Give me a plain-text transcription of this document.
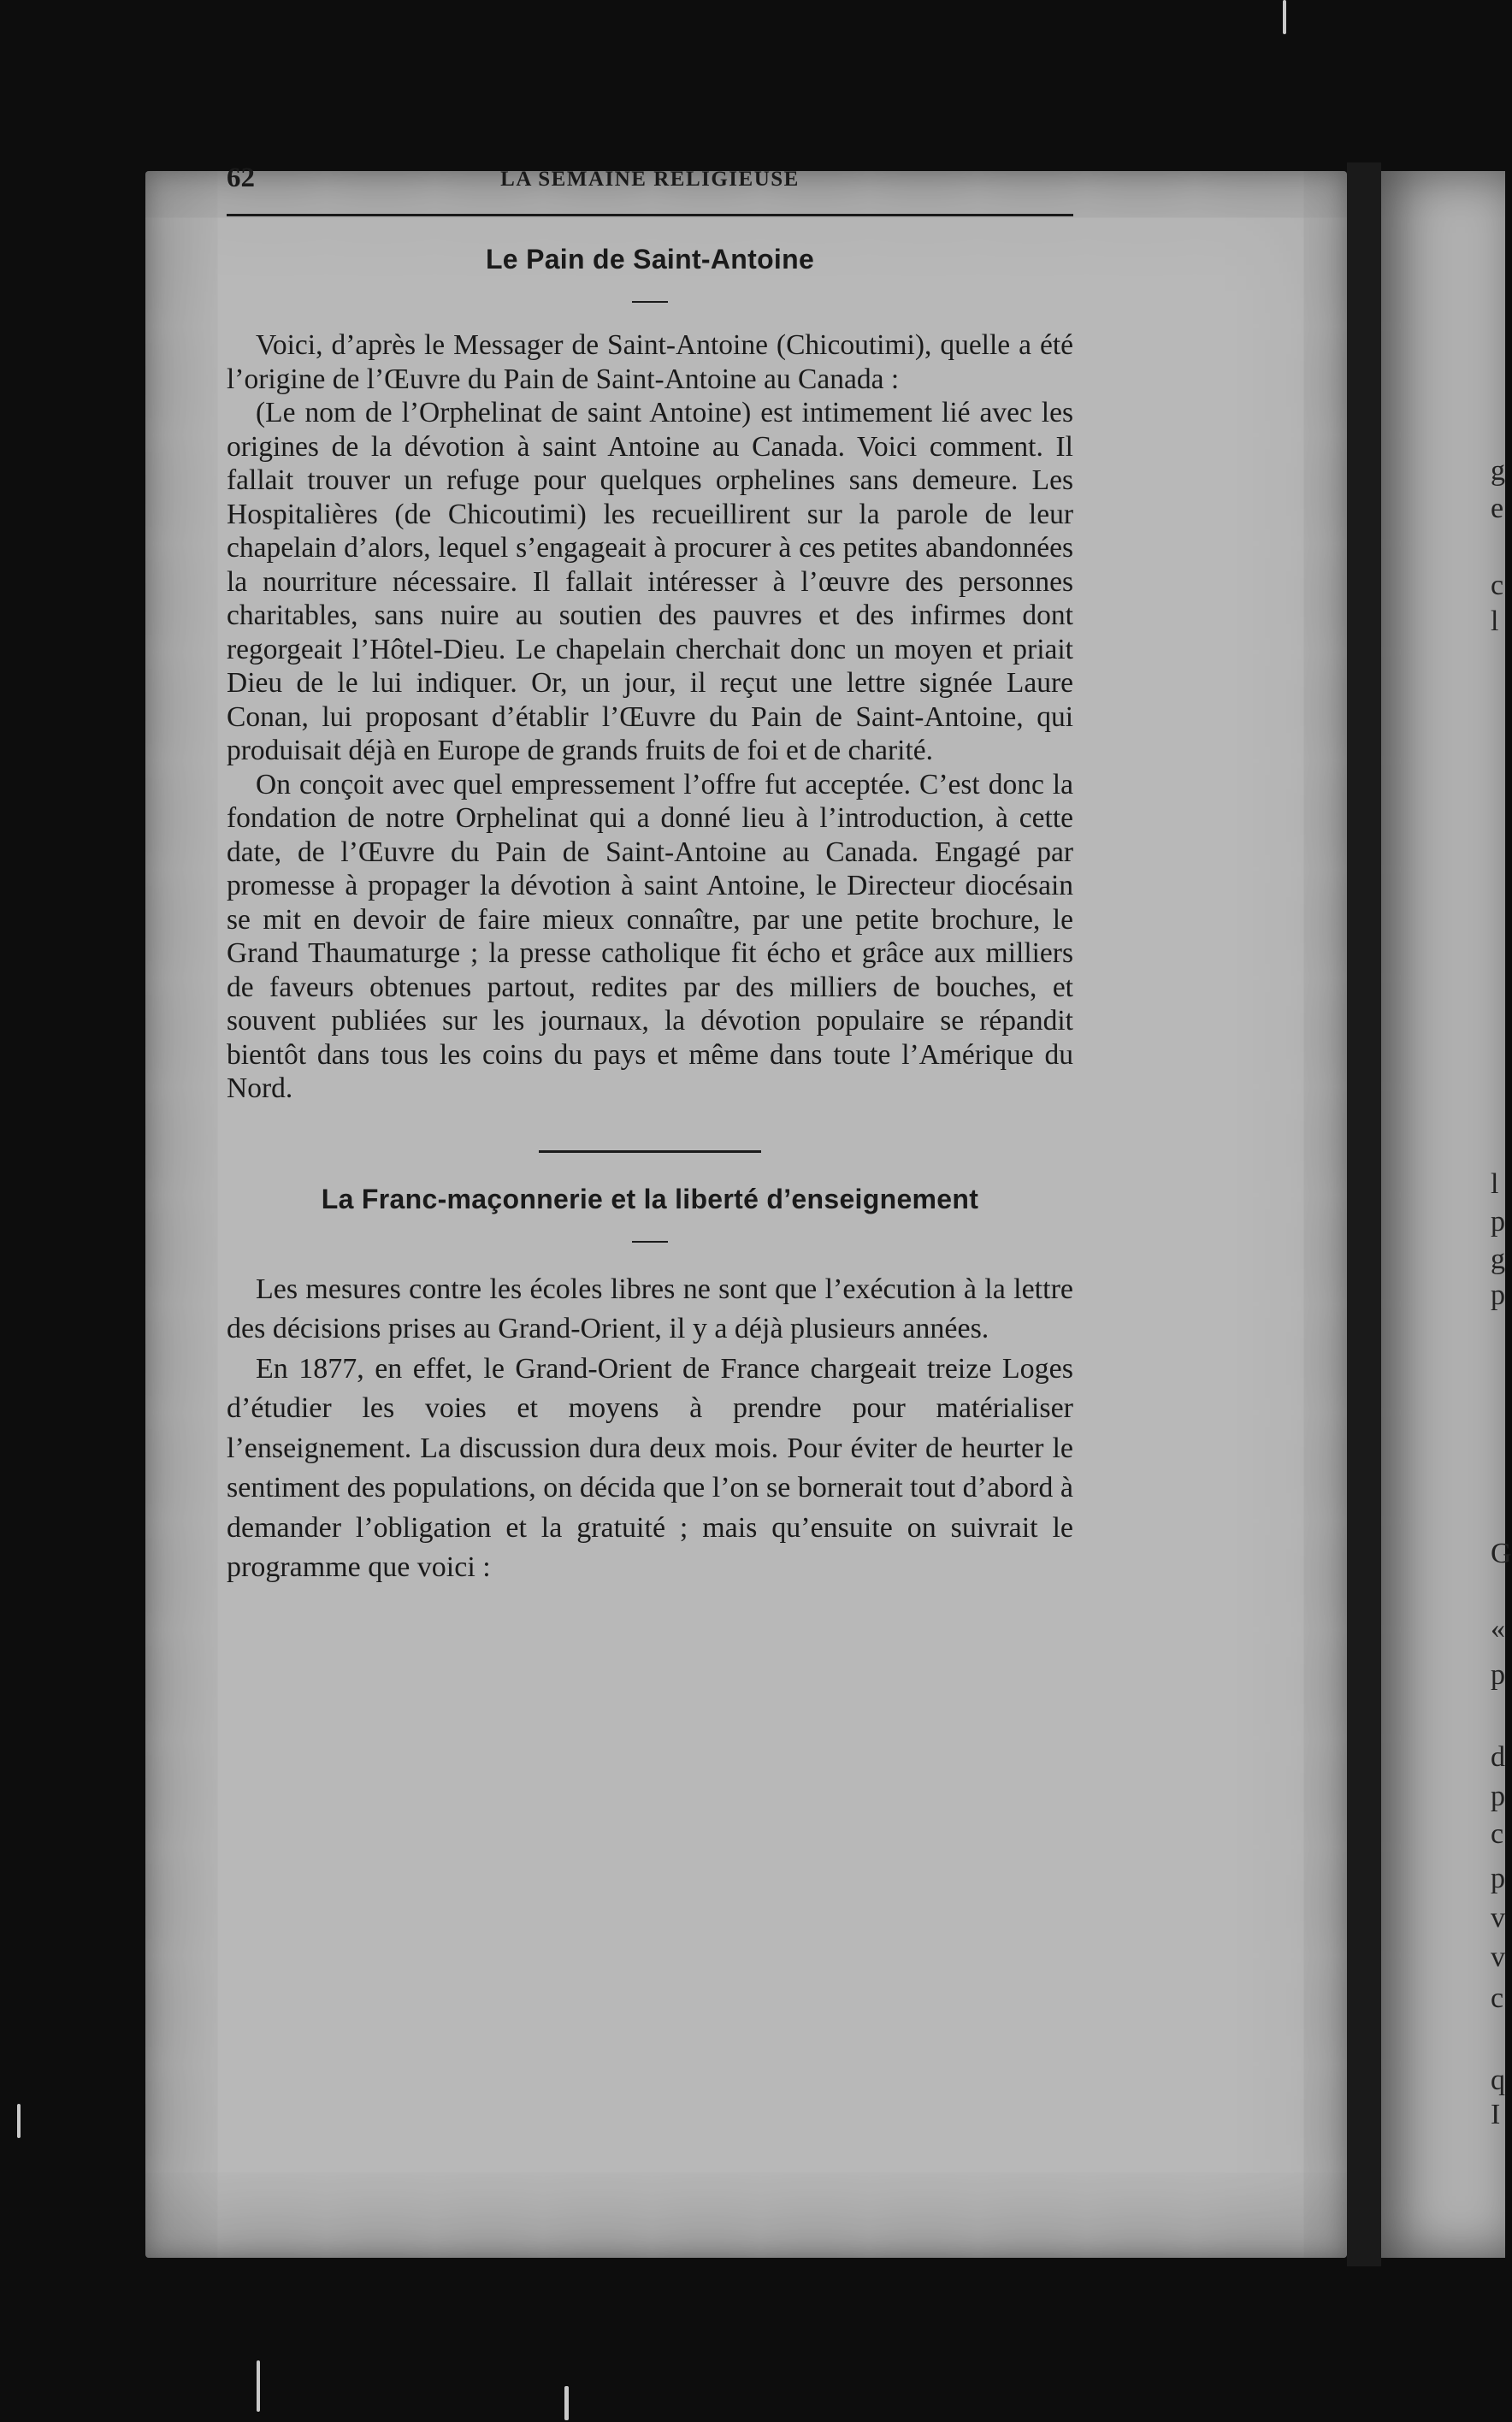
g
e
c
l
l
p
g
p
G
«
p
d
p
c
p
v
v
c
q
I
62	LA SEMAINE RELIGIEUSE
Le Pain de Saint-Antoine

Voici, d’après le Messager de Saint-Antoine (Chicoutimi), quelle a été l’origine de l’Œuvre du Pain de Saint-Antoine au Canada :

(Le nom de l’Orphelinat de saint Antoine) est intimement lié avec les origines de la dévotion à saint Antoine au Canada. Voici comment. Il fallait trouver un refuge pour quelques orphelines sans demeure. Les Hospitalières (de Chicoutimi) les recueillirent sur la parole de leur chapelain d’alors, lequel s’engageait à procurer à ces petites abandonnées la nourriture nécessaire. Il fallait intéresser à l’œuvre des personnes charitables, sans nuire au soutien des pauvres et des infirmes dont regorgeait l’Hôtel-Dieu. Le chapelain cherchait donc un moyen et priait Dieu de le lui indiquer. Or, un jour, il reçut une lettre signée Laure Conan, lui proposant d’établir l’Œuvre du Pain de Saint-Antoine, qui produisait déjà en Europe de grands fruits de foi et de charité.

On conçoit avec quel empressement l’offre fut acceptée. C’est donc la fondation de notre Orphelinat qui a donné lieu à l’introduction, à cette date, de l’Œuvre du Pain de Saint-Antoine au Canada. Engagé par promesse à propager la dévotion à saint Antoine, le Directeur diocésain se mit en devoir de faire mieux connaître, par une petite brochure, le Grand Thaumaturge ; la presse catholique fit écho et grâce aux milliers de faveurs obtenues partout, redites par des milliers de bouches, et souvent publiées sur les journaux, la dévotion populaire se répandit bientôt dans tous les coins du pays et même dans toute l’Amérique du Nord.

La Franc-maçonnerie et la liberté d’enseignement

Les mesures contre les écoles libres ne sont que l’exécution à la lettre des décisions prises au Grand-Orient, il y a déjà plusieurs années.

En 1877, en effet, le Grand-Orient de France chargeait treize Loges d’étudier les voies et moyens à prendre pour matérialiser l’enseignement. La discussion dura deux mois. Pour éviter de heurter le sentiment des populations, on décida que l’on se bornerait tout d’abord à demander l’obligation et la gratuité ; mais qu’ensuite on suivrait le programme que voici :
